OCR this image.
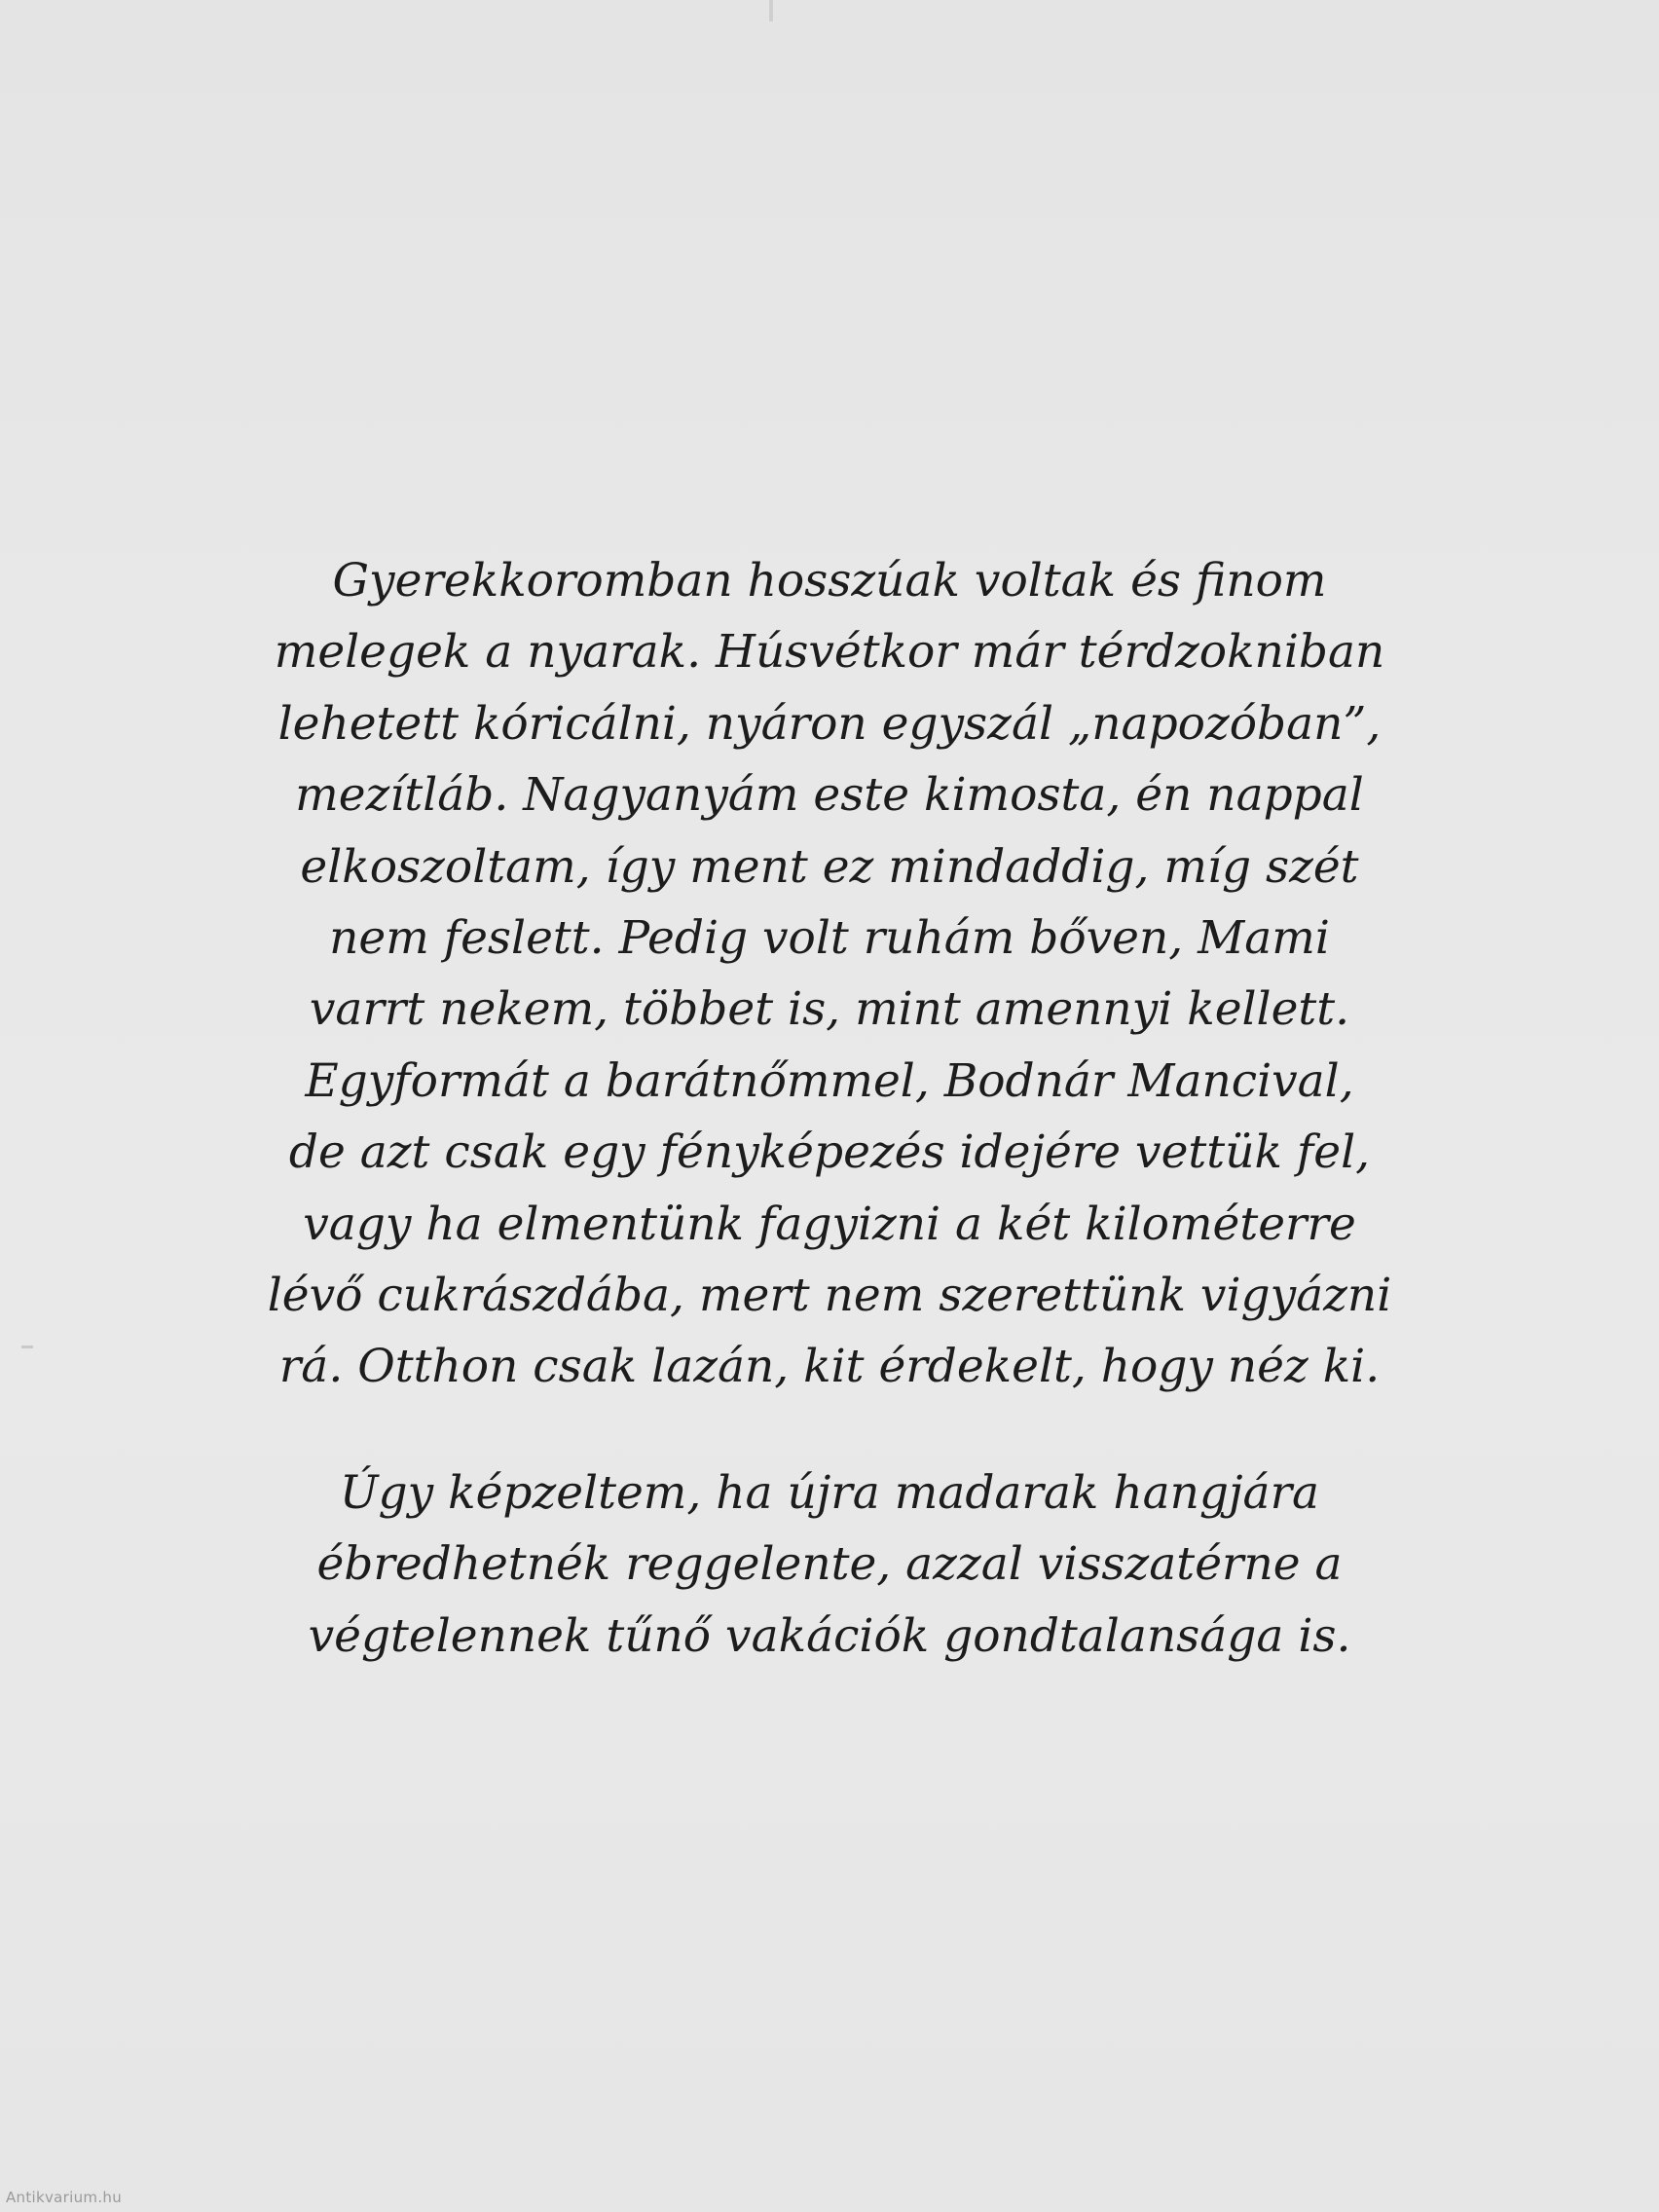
Gyerekkoromban hosszúak voltak és finom
melegek a nyarak. Húsvétkor már térdzokniban
lehetett kóricálni, nyáron egyszál „napozóban”,
mezítláb. Nagyanyám este kimosta, én nappal
elkoszoltam, így ment ez mindaddig, míg szét
nem feslett. Pedig volt ruhám bőven, Mami
varrt nekem, többet is, mint amennyi kellett.
Egyformát a barátnőmmel, Bodnár Mancival,
de azt csak egy fényképezés idejére vettük fel,
vagy ha elmentünk fagyizni a két kilométerre
lévő cukrászdába, mert nem szerettünk vigyázni
rá. Otthon csak lazán, kit érdekelt, hogy néz ki.

Úgy képzeltem, ha újra madarak hangjára
ébredhetnék reggelente, azzal visszatérne a
végtelennek tűnő vakációk gondtalansága is.

Antikvarium.hu
